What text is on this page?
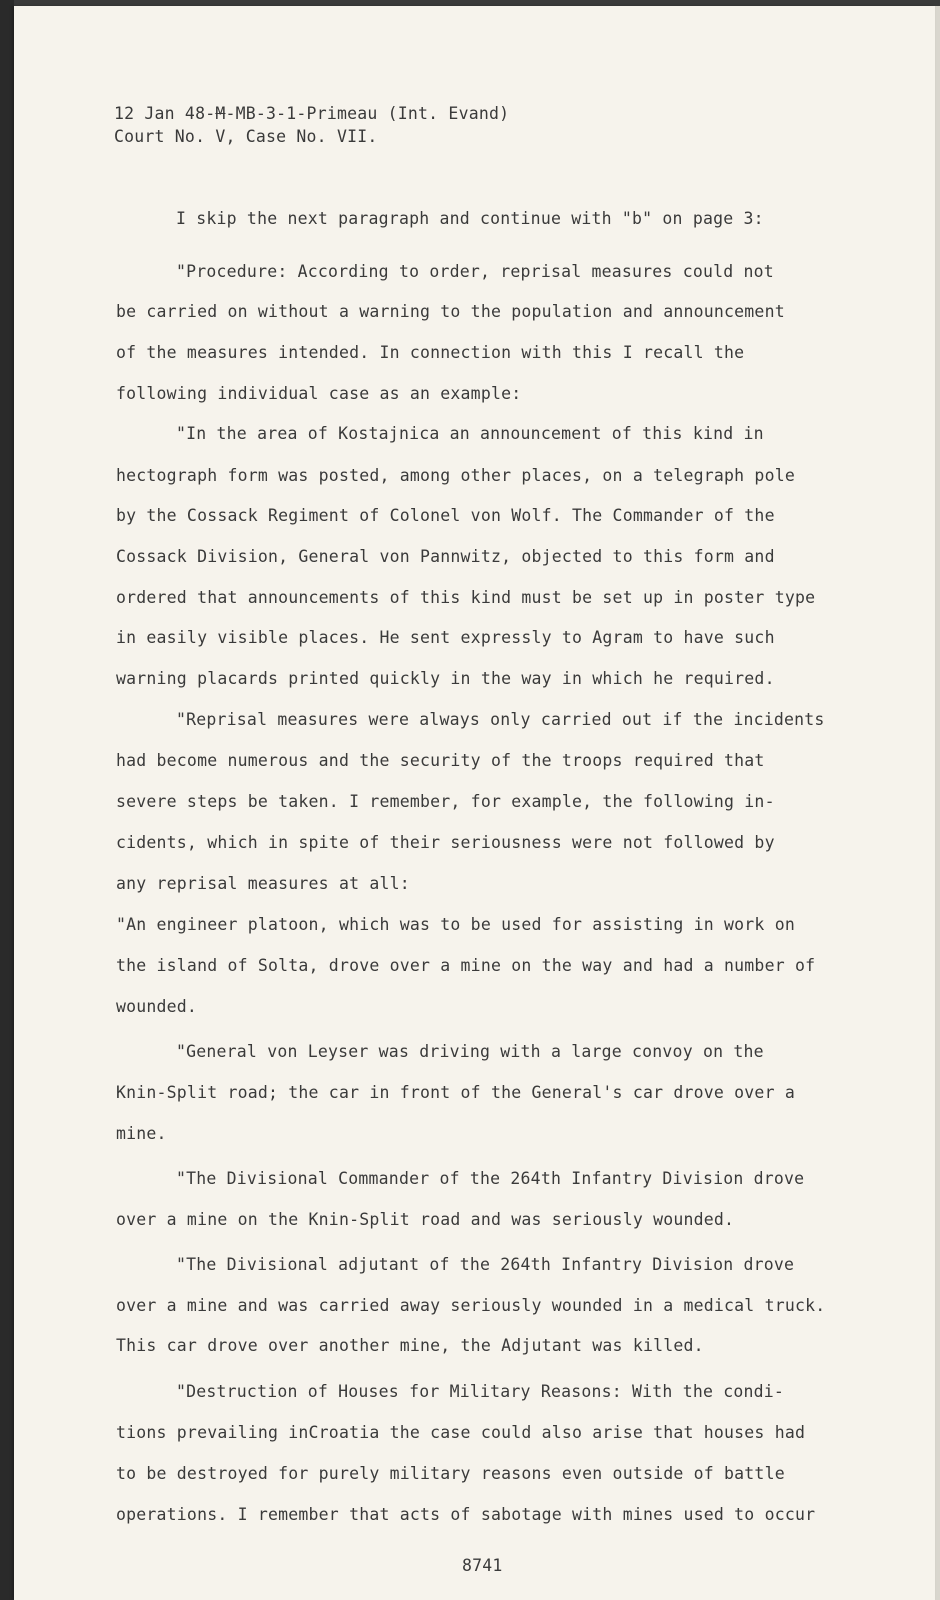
12 Jan 48-M-MB-3-1-Primeau (Int. Evand)
Court No. V, Case No. VII.
I skip the next paragraph and continue with "b" on page 3:
"Procedure: According to order, reprisal measures could not
be carried on without a warning to the population and announcement
of the measures intended. In connection with this I recall the
following individual case as an example:
"In the area of Kostajnica an announcement of this kind in
hectograph form was posted, among other places, on a telegraph pole
by the Cossack Regiment of Colonel von Wolf. The Commander of the
Cossack Division, General von Pannwitz, objected to this form and
ordered that announcements of this kind must be set up in poster type
in easily visible places. He sent expressly to Agram to have such
warning placards printed quickly in the way in which he required.
"Reprisal measures were always only carried out if the incidents
had become numerous and the security of the troops required that
severe steps be taken. I remember, for example, the following in-
cidents, which in spite of their seriousness were not followed by
any reprisal measures at all:
"An engineer platoon, which was to be used for assisting in work on
the island of Solta, drove over a mine on the way and had a number of
wounded.
"General von Leyser was driving with a large convoy on the
Knin-Split road; the car in front of the General's car drove over a
mine.
"The Divisional Commander of the 264th Infantry Division drove
over a mine on the Knin-Split road and was seriously wounded.
"The Divisional adjutant of the 264th Infantry Division drove
over a mine and was carried away seriously wounded in a medical truck.
This car drove over another mine, the Adjutant was killed.
"Destruction of Houses for Military Reasons: With the condi-
tions prevailing inCroatia the case could also arise that houses had
to be destroyed for purely military reasons even outside of battle
operations. I remember that acts of sabotage with mines used to occur
8741
